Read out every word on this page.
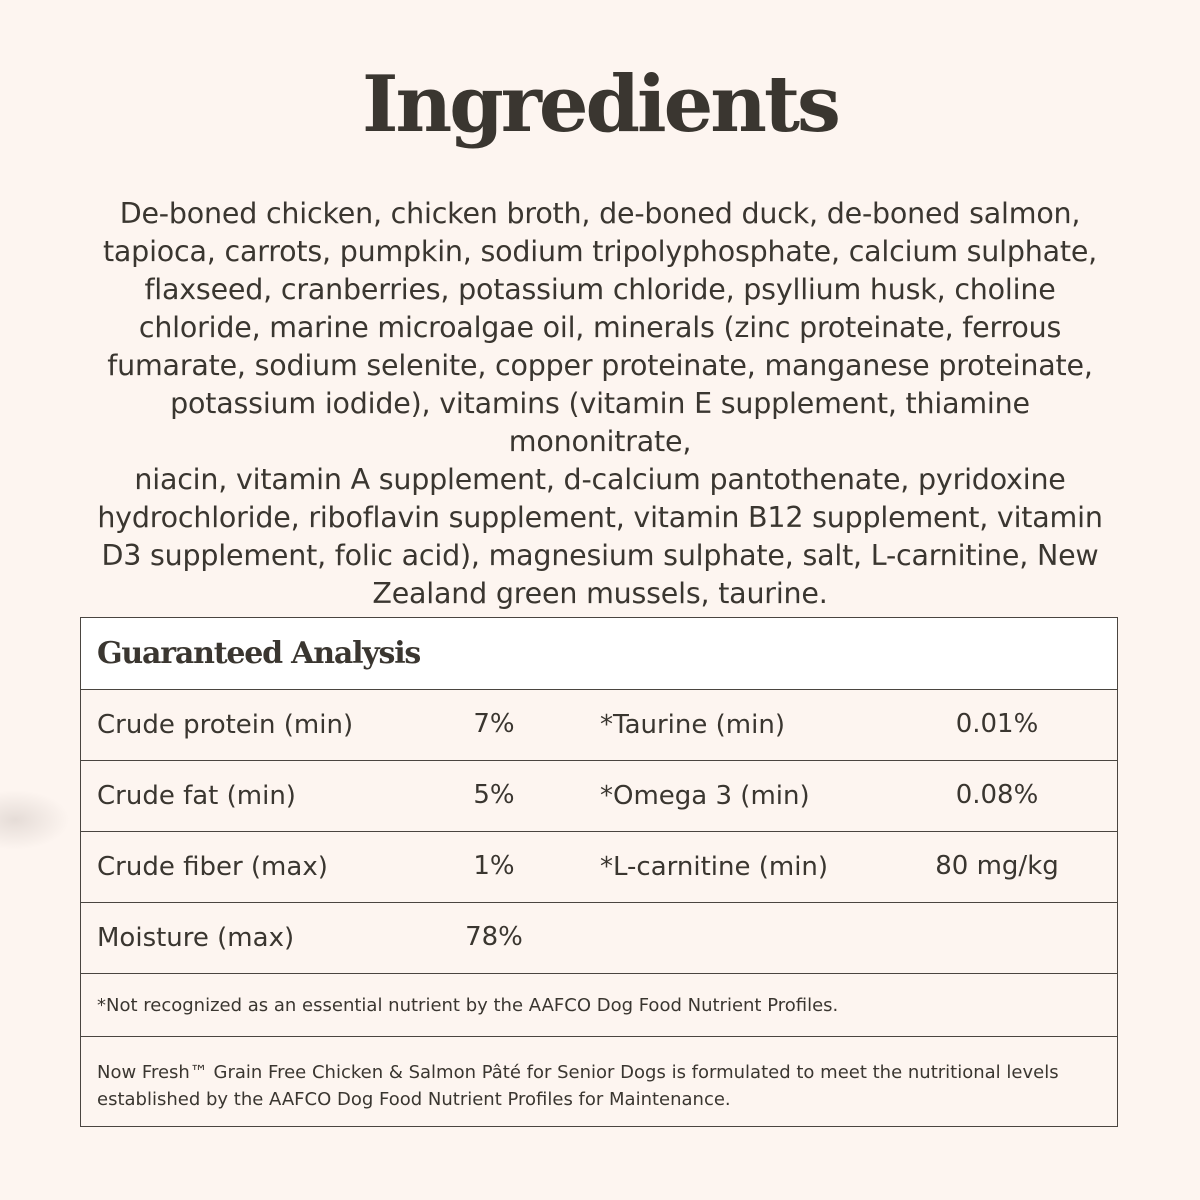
Ingredients
De-boned chicken, chicken broth, de-boned duck, de-boned salmon,
tapioca, carrots, pumpkin, sodium tripolyphosphate, calcium sulphate,
flaxseed, cranberries, potassium chloride, psyllium husk, choline
chloride, marine microalgae oil, minerals (zinc proteinate, ferrous
fumarate, sodium selenite, copper proteinate, manganese proteinate,
potassium iodide), vitamins (vitamin E supplement, thiamine mononitrate,
niacin, vitamin A supplement, d-calcium pantothenate, pyridoxine
hydrochloride, riboflavin supplement, vitamin B12 supplement, vitamin
D3 supplement, folic acid), magnesium sulphate, salt, L-carnitine, New
Zealand green mussels, taurine.
Guaranteed Analysis
Crude protein (min)	7%	*Taurine (min)	0.01%
Crude fat (min)	5%	*Omega 3 (min)	0.08%
Crude fiber (max)	1%	*L-carnitine (min)	80 mg/kg
Moisture (max)	78%
*Not recognized as an essential nutrient by the AAFCO Dog Food Nutrient Profiles.
Now Fresh™ Grain Free Chicken & Salmon Pâté for Senior Dogs is formulated to meet the nutritional levels
established by the AAFCO Dog Food Nutrient Profiles for Maintenance.
